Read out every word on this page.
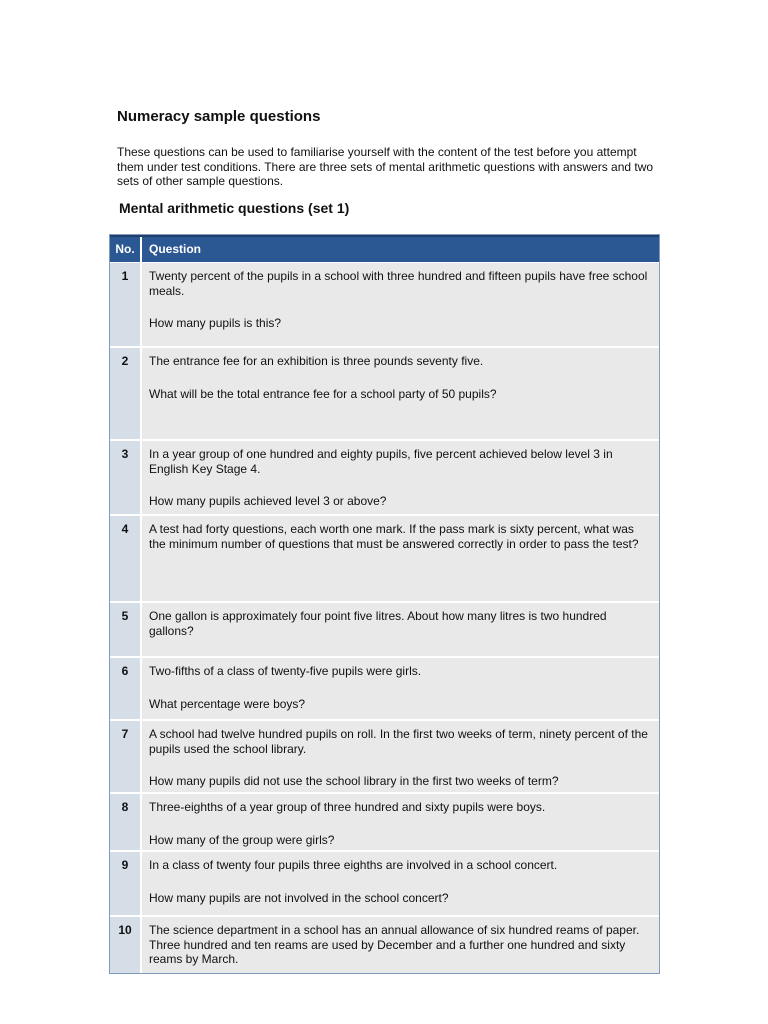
Numeracy sample questions

These questions can be used to familiarise yourself with the content of the test before you attempt them under test conditions. There are three sets of mental arithmetic questions with answers and two sets of other sample questions.

Mental arithmetic questions (set 1)
No.	Question
1	Twenty percent of the pupils in a school with three hundred and fifteen pupils have free school meals.

How many pupils is this?

2	The entrance fee for an exhibition is three pounds seventy five.

What will be the total entrance fee for a school party of 50 pupils?

3	In a year group of one hundred and eighty pupils, five percent achieved below level 3 in English Key Stage 4.

How many pupils achieved level 3 or above?

4	A test had forty questions, each worth one mark. If the pass mark is sixty percent, what was the minimum number of questions that must be answered correctly in order to pass the test?

5	One gallon is approximately four point five litres. About how many litres is two hundred gallons?

6	Two-fifths of a class of twenty-five pupils were girls.

What percentage were boys?

7	A school had twelve hundred pupils on roll. In the first two weeks of term, ninety percent of the pupils used the school library.

How many pupils did not use the school library in the first two weeks of term?

8	Three-eighths of a year group of three hundred and sixty pupils were boys.

How many of the group were girls?

9	In a class of twenty four pupils three eighths are involved in a school concert.

How many pupils are not involved in the school concert?

10	The science department in a school has an annual allowance of six hundred reams of paper. Three hundred and ten reams are used by December and a further one hundred and sixty reams by March.
